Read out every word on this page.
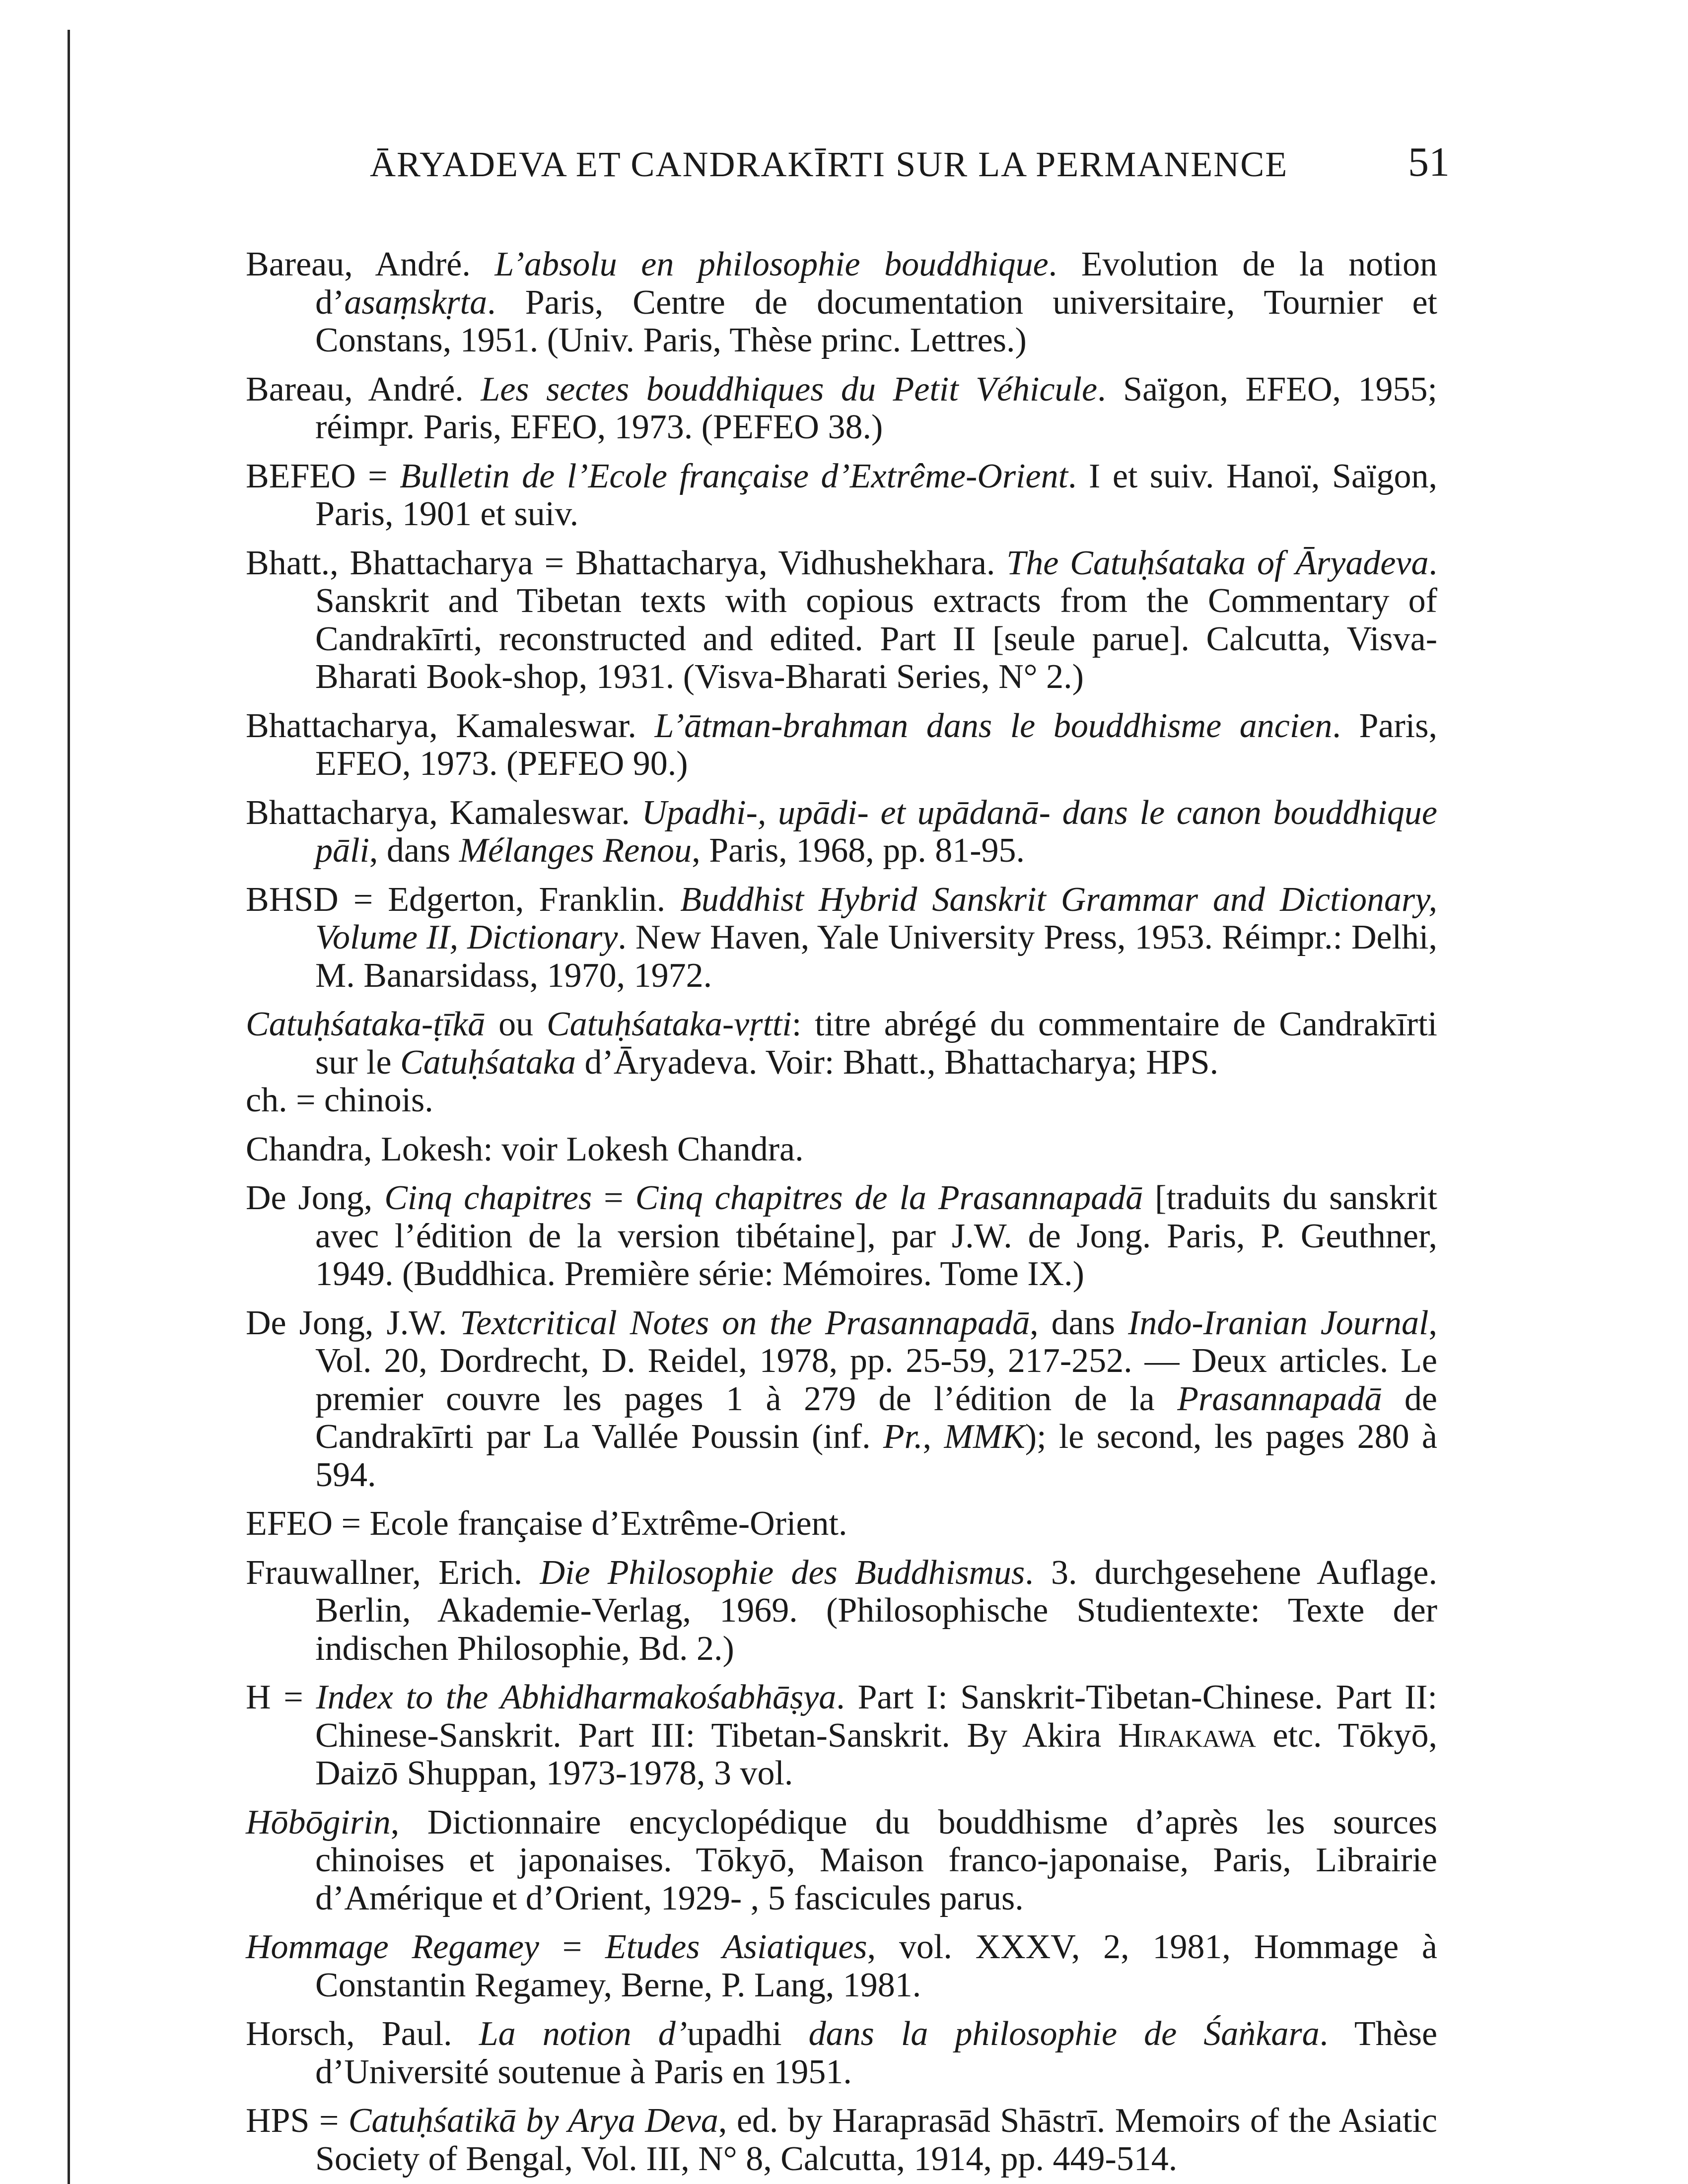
ĀRYADEVA ET CANDRAKĪRTI SUR LA PERMANENCE	51

Bareau, André. L’absolu en philosophie bouddhique. Evolution de la notion d’asaṃskṛta. Paris, Centre de documentation universitaire, Tournier et Constans, 1951. (Univ. Paris, Thèse princ. Lettres.)

Bareau, André. Les sectes bouddhiques du Petit Véhicule. Saïgon, EFEO, 1955; réimpr. Paris, EFEO, 1973. (PEFEO 38.)

BEFEO = Bulletin de l’Ecole française d’Extrême-Orient. I et suiv. Hanoï, Saïgon, Paris, 1901 et suiv.

Bhatt., Bhattacharya = Bhattacharya, Vidhushekhara. The Catuḥśataka of Āryadeva. Sanskrit and Tibetan texts with copious extracts from the Commentary of Candrakīrti, reconstructed and edited. Part II [seule parue]. Calcutta, Visva-Bharati Book-shop, 1931. (Visva-Bharati Series, N° 2.)

Bhattacharya, Kamaleswar. L’ātman-brahman dans le bouddhisme ancien. Paris, EFEO, 1973. (PEFEO 90.)

Bhattacharya, Kamaleswar. Upadhi-, upādi- et upādanā- dans le canon bouddhique pāli, dans Mélanges Renou, Paris, 1968, pp. 81-95.

BHSD = Edgerton, Franklin. Buddhist Hybrid Sanskrit Grammar and Dictionary, Volume II, Dictionary. New Haven, Yale University Press, 1953. Réimpr.: Delhi, M. Banarsidass, 1970, 1972.

Catuḥśataka-ṭīkā ou Catuḥśataka-vṛtti: titre abrégé du commentaire de Candrakīrti sur le Catuḥśataka d’Āryadeva. Voir: Bhatt., Bhattacharya; HPS.

ch. = chinois.

Chandra, Lokesh: voir Lokesh Chandra.

De Jong, Cinq chapitres = Cinq chapitres de la Prasannapadā [traduits du sanskrit avec l’édition de la version tibétaine], par J.W. de Jong. Paris, P. Geuthner, 1949. (Buddhica. Première série: Mémoires. Tome IX.)

De Jong, J.W. Textcritical Notes on the Prasannapadā, dans Indo-Iranian Journal, Vol. 20, Dordrecht, D. Reidel, 1978, pp. 25-59, 217-252. — Deux articles. Le premier couvre les pages 1 à 279 de l’édition de la Prasannapadā de Candrakīrti par La Vallée Poussin (inf. Pr., MMK); le second, les pages 280 à 594.

EFEO = Ecole française d’Extrême-Orient.

Frauwallner, Erich. Die Philosophie des Buddhismus. 3. durchgesehene Auflage. Berlin, Akademie-Verlag, 1969. (Philosophische Studientexte: Texte der indischen Philosophie, Bd. 2.)

H = Index to the Abhidharmakośabhāṣya. Part I: Sanskrit-Tibetan-Chinese. Part II: Chinese-Sanskrit. Part III: Tibetan-Sanskrit. By Akira Hirakawa etc. Tōkyō, Daizō Shuppan, 1973-1978, 3 vol.

Hōbōgirin, Dictionnaire encyclopédique du bouddhisme d’après les sources chinoises et japonaises. Tōkyō, Maison franco-japonaise, Paris, Librairie d’Amérique et d’Orient, 1929- , 5 fascicules parus.

Hommage Regamey = Etudes Asiatiques, vol. XXXV, 2, 1981, Hommage à Constantin Regamey, Berne, P. Lang, 1981.

Horsch, Paul. La notion d’upadhi dans la philosophie de Śaṅkara. Thèse d’Université soutenue à Paris en 1951.

HPS = Catuḥśatikā by Arya Deva, ed. by Haraprasād Shāstrī. Memoirs of the Asiatic Society of Bengal, Vol. III, N° 8, Calcutta, 1914, pp. 449-514.
